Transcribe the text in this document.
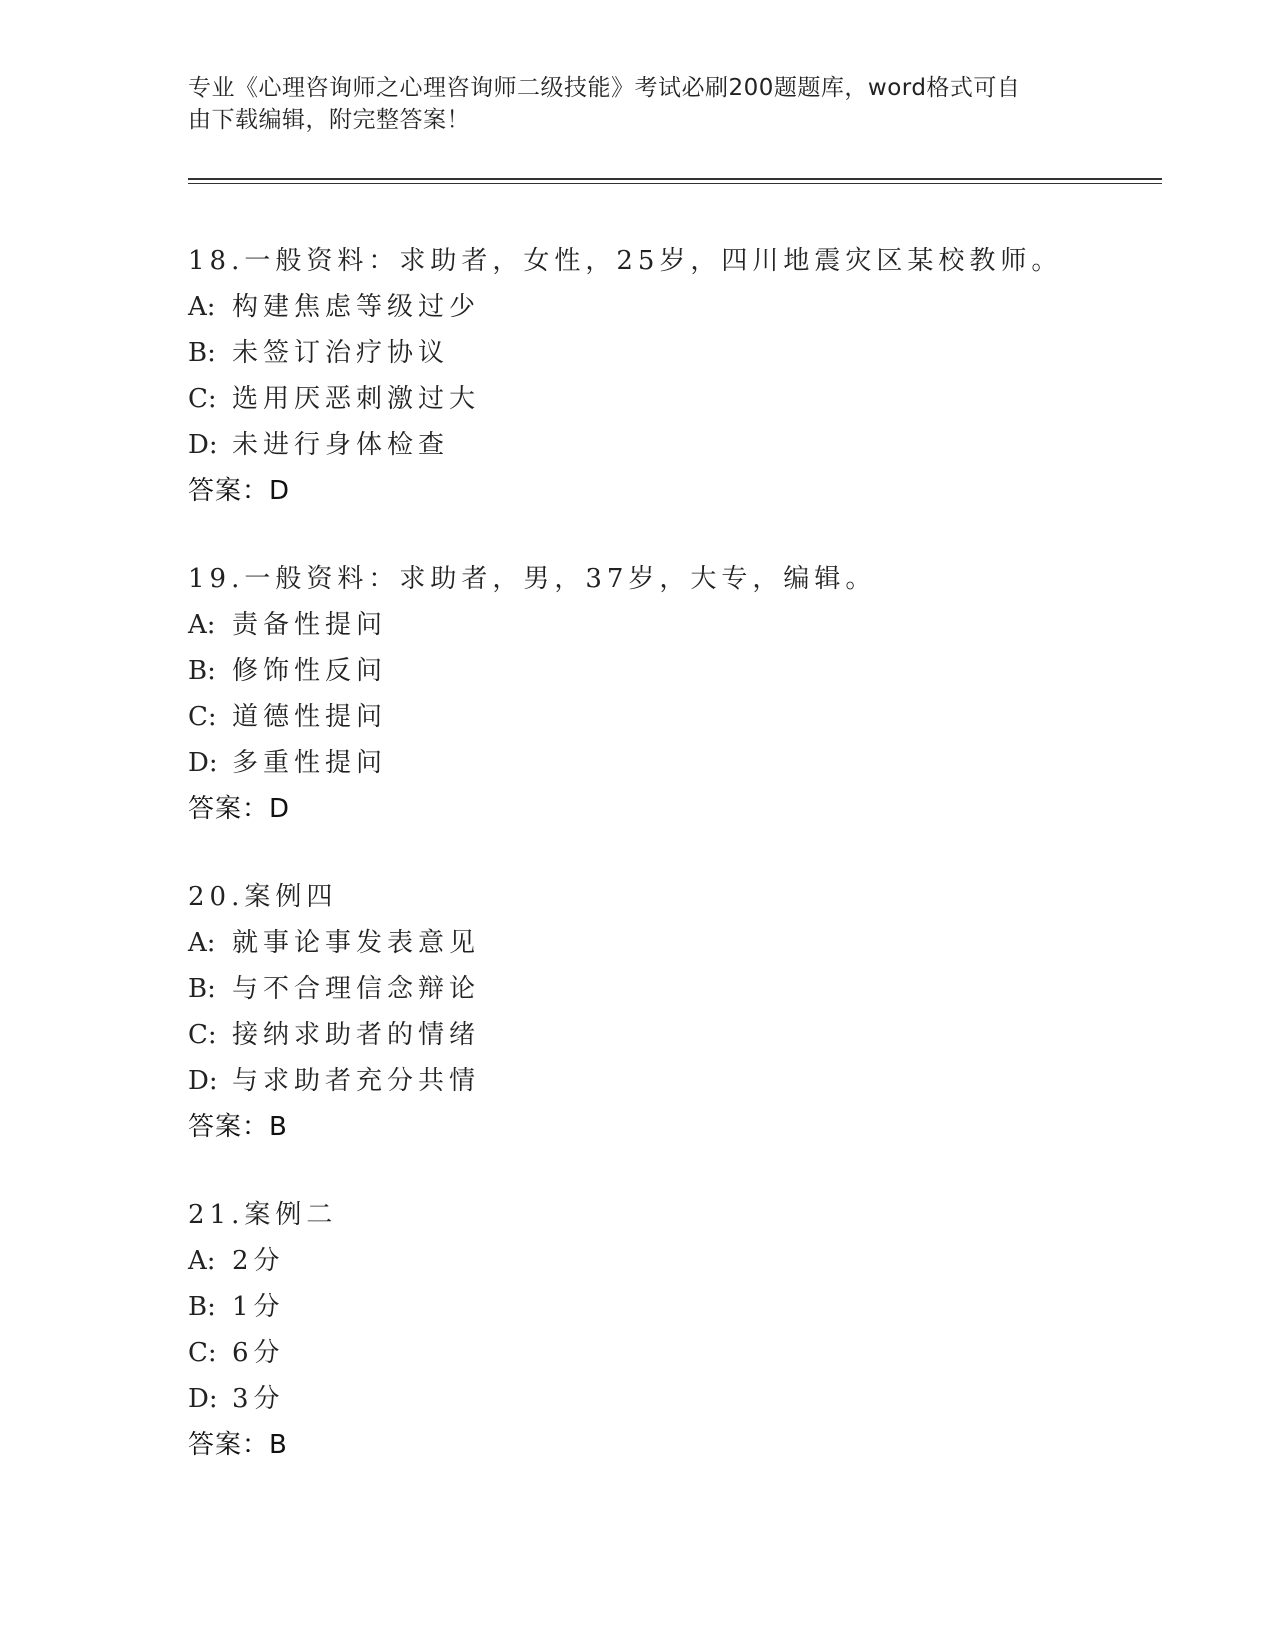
专业《心理咨询师之心理咨询师二级技能》考试必刷200题题库，word格式可自
由下载编辑，附完整答案！
18.一般资料：求助者，女性，25岁，四川地震灾区某校教师。
A: 构建焦虑等级过少
B: 未签订治疗协议
C: 选用厌恶刺激过大
D: 未进行身体检查
答案：D
19.一般资料：求助者，男，37岁，大专，编辑。
A: 责备性提问
B: 修饰性反问
C: 道德性提问
D: 多重性提问
答案：D
20.案例四
A: 就事论事发表意见
B: 与不合理信念辩论
C: 接纳求助者的情绪
D: 与求助者充分共情
答案：B
21.案例二
A: 2分
B: 1分
C: 6分
D: 3分
答案：B
